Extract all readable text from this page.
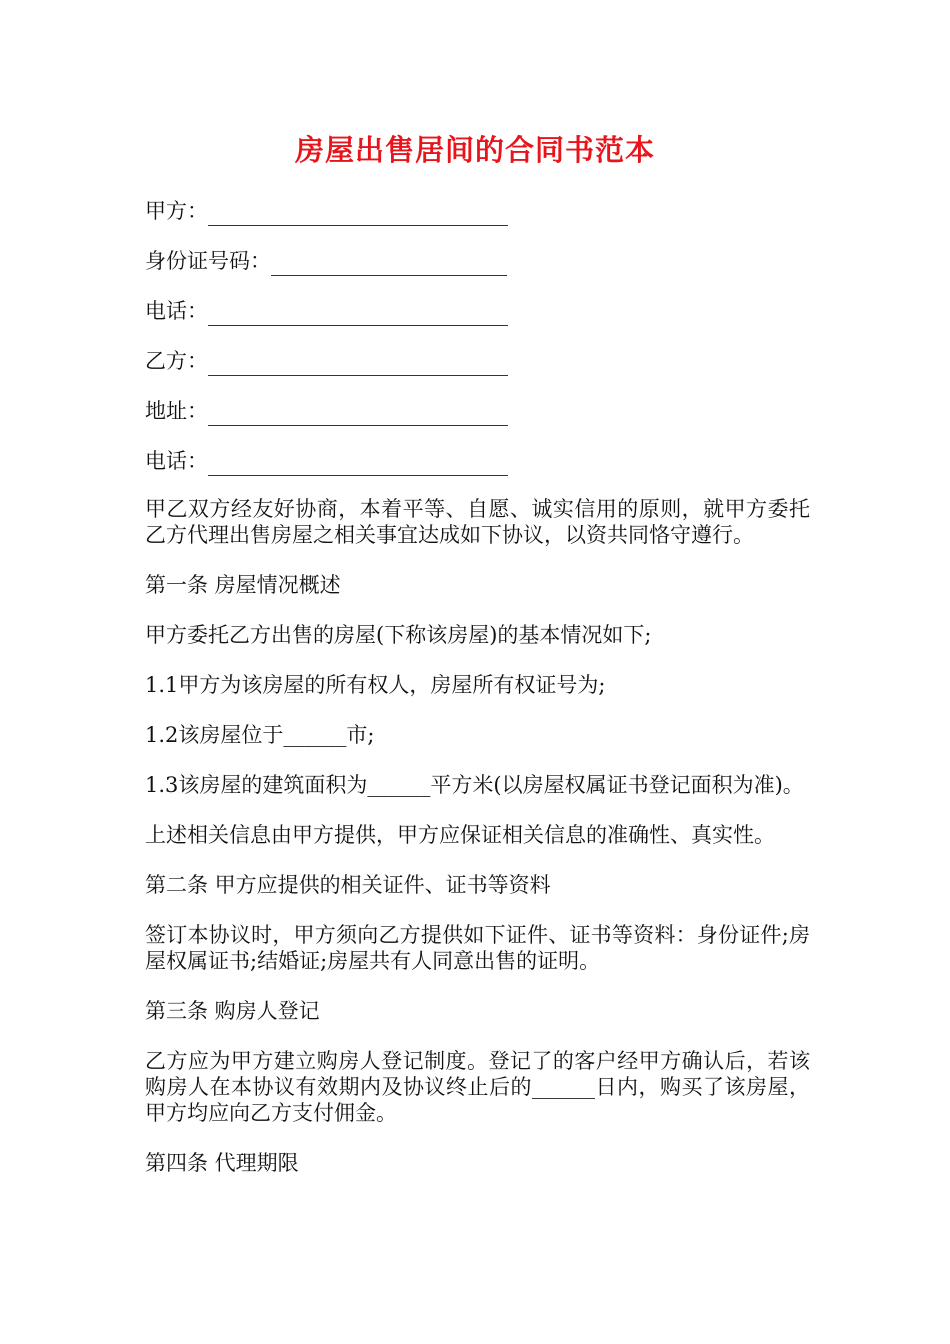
房屋出售居间的合同书范本
甲方：
身份证号码：
电话：
乙方：
地址：
电话：

甲乙双方经友好协商，本着平等、自愿、诚实信用的原则，就甲方委托乙方代理出售房屋之相关事宜达成如下协议，以资共同恪守遵行。

第一条 房屋情况概述

甲方委托乙方出售的房屋(下称该房屋)的基本情况如下;

1.1甲方为该房屋的所有权人，房屋所有权证号为;

1.2该房屋位于______市;

1.3该房屋的建筑面积为______平方米(以房屋权属证书登记面积为准)。

上述相关信息由甲方提供，甲方应保证相关信息的准确性、真实性。

第二条 甲方应提供的相关证件、证书等资料

签订本协议时，甲方须向乙方提供如下证件、证书等资料：身份证件;房屋权属证书;结婚证;房屋共有人同意出售的证明。

第三条 购房人登记

乙方应为甲方建立购房人登记制度。登记了的客户经甲方确认后，若该购房人在本协议有效期内及协议终止后的______日内，购买了该房屋，甲方均应向乙方支付佣金。

第四条 代理期限
